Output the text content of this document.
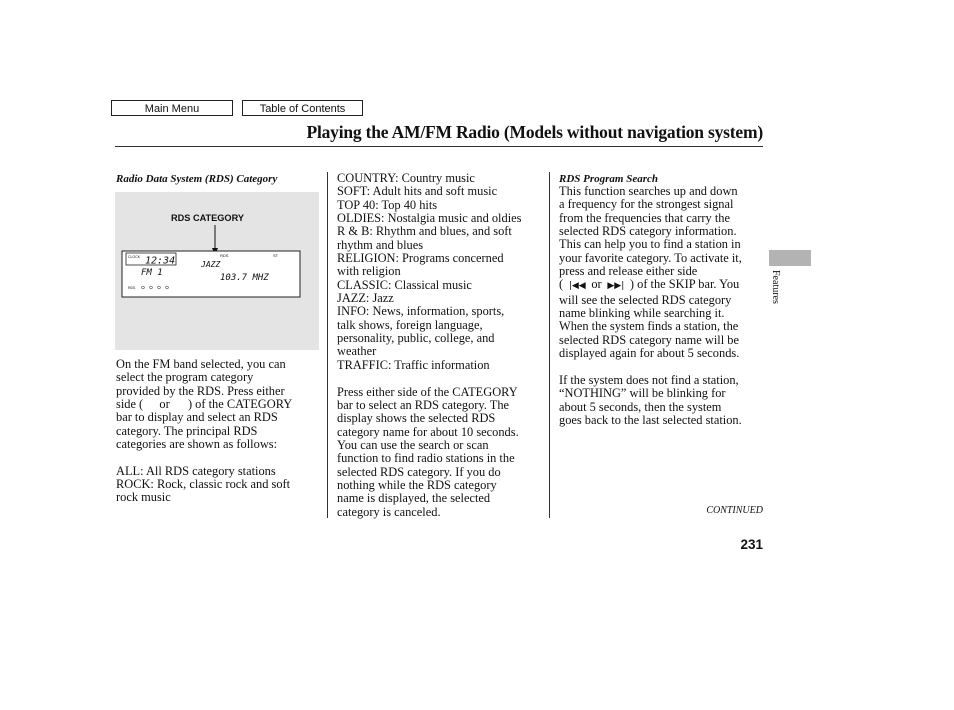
Main Menu	Table of Contents
Playing the AM/FM Radio (Models without navigation system)
Radio Data System (RDS) Category
RDS CATEGORY
CLOCK 12:34	RDS	ST
FM 1
JAZZ
103.7 MHZ
RDS

On the FM band selected, you can

select the program category

provided by the RDS. Press either

side ( or ) of the CATEGORY

bar to display and select an RDS

category. The principal RDS

categories are shown as follows:

ALL: All RDS category stations

ROCK: Rock, classic rock and soft

rock music

COUNTRY: Country music

SOFT: Adult hits and soft music

TOP 40: Top 40 hits

OLDIES: Nostalgia music and oldies

R & B: Rhythm and blues, and soft

rhythm and blues

RELIGION: Programs concerned

with religion

CLASSIC: Classical music

JAZZ: Jazz

INFO: News, information, sports,

talk shows, foreign language,

personality, public, college, and

weather

TRAFFIC: Traffic information

Press either side of the CATEGORY

bar to select an RDS category. The

display shows the selected RDS

category name for about 10 seconds.

You can use the search or scan

function to find radio stations in the

selected RDS category. If you do

nothing while the RDS category

name is displayed, the selected

category is canceled.

RDS Program Search

This function searches up and down

a frequency for the strongest signal

from the frequencies that carry the

selected RDS category information.

This can help you to find a station in

your favorite category. To activate it,

press and release either side

( |◀◀ or ▶▶| ) of the SKIP bar. You

will see the selected RDS category

name blinking while searching it.

When the system finds a station, the

selected RDS category name will be

displayed again for about 5 seconds.

If the system does not find a station,

“NOTHING” will be blinking for

about 5 seconds, then the system

goes back to the last selected station.

CONTINUED
Features
231
